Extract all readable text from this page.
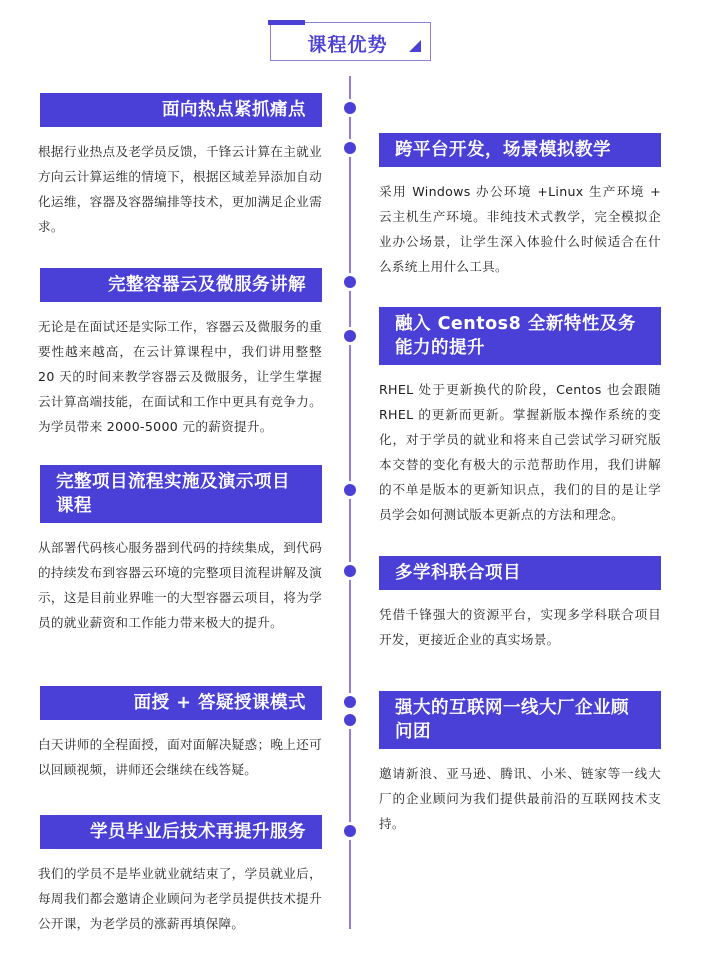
课程优势
面向热点紧抓痛点
根据行业热点及老学员反馈，千锋云计算在主就业方向云计算运维的情境下，根据区域差异添加自动化运维，容器及容器编排等技术，更加满足企业需求。
完整容器云及微服务讲解
无论是在面试还是实际工作，容器云及微服务的重要性越来越高，在云计算课程中，我们讲用整整 20 天的时间来教学容器云及微服务，让学生掌握云计算高端技能，在面试和工作中更具有竞争力。为学员带来 2000-5000 元的薪资提升。
完整项目流程实施及演示项目课程
从部署代码核心服务器到代码的持续集成，到代码的持续发布到容器云环境的完整项目流程讲解及演示，这是目前业界唯一的大型容器云项目，将为学员的就业薪资和工作能力带来极大的提升。
面授 + 答疑授课模式
白天讲师的全程面授，面对面解决疑惑；晚上还可以回顾视频，讲师还会继续在线答疑。
学员毕业后技术再提升服务
我们的学员不是毕业就业就结束了，学员就业后，每周我们都会邀请企业顾问为老学员提供技术提升公开课，为老学员的涨薪再填保障。
跨平台开发，场景模拟教学
采用 Windows 办公环境 +Linux 生产环境 + 云主机生产环境。非纯技术式教学，完全模拟企业办公场景，让学生深入体验什么时候适合在什么系统上用什么工具。
融入 Centos8 全新特性及务能力的提升
RHEL 处于更新换代的阶段，Centos 也会跟随 RHEL 的更新而更新。掌握新版本操作系统的变化，对于学员的就业和将来自己尝试学习研究版本交替的变化有极大的示范帮助作用，我们讲解的不单是版本的更新知识点，我们的目的是让学员学会如何测试版本更新点的方法和理念。
多学科联合项目
凭借千锋强大的资源平台，实现多学科联合项目开发，更接近企业的真实场景。
强大的互联网一线大厂企业顾问团
邀请新浪、亚马逊、腾讯、小米、链家等一线大厂的企业顾问为我们提供最前沿的互联网技术支持。
